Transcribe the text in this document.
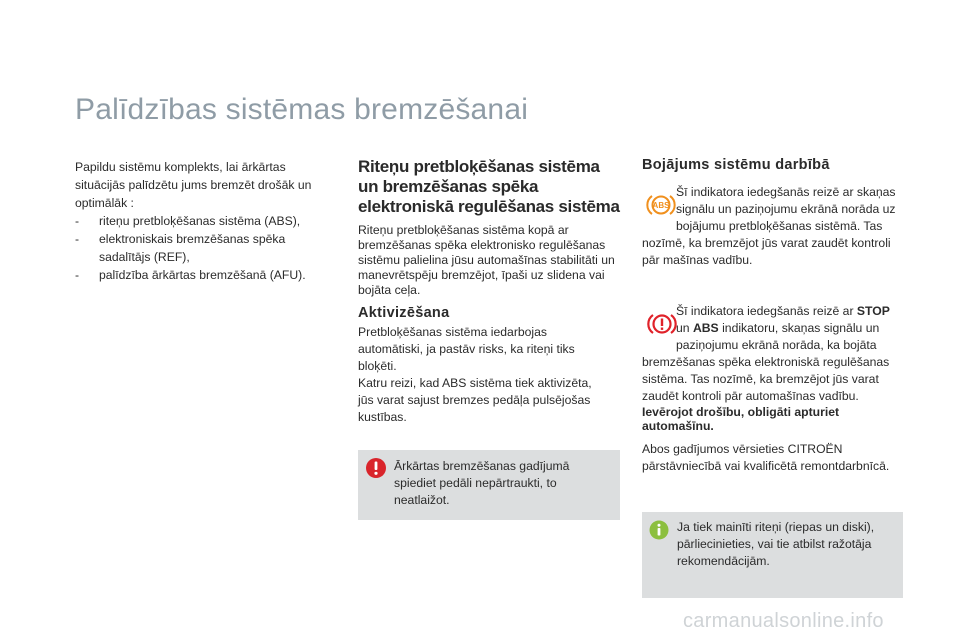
Palīdzības sistēmas bremzēšanai

Papildu sistēmu komplekts, lai ārkārtas situācijās palīdzētu jums bremzēt drošāk un optimālāk :

- riteņu pretbloķēšanas sistēma (ABS),
- elektroniskais bremzēšanas spēka sadalītājs (REF),
- palīdzība ārkārtas bremzēšanā (AFU).
Riteņu pretbloķēšanas sistēma un bremzēšanas spēka elektroniskā regulēšanas sistēma

Riteņu pretbloķēšanas sistēma kopā ar bremzēšanas spēka elektronisko regulēšanas sistēmu palielina jūsu automašīnas stabilitāti un manevrētspēju bremzējot, īpaši uz slidena vai bojāta ceļa.

Aktivizēšana

Pretbloķēšanas sistēma iedarbojas automātiski, ja pastāv risks, ka riteņi tiks bloķēti.

Katru reizi, kad ABS sistēma tiek aktivizēta, jūs varat sajust bremzes pedāļa pulsējošas kustības.

Ārkārtas bremzēšanas gadījumā spiediet pedāli nepārtraukti, to neatlaižot.

Bojājums sistēmu darbībā
ABS

Šī indikatora iedegšanās reizē ar skaņas signālu un paziņojumu ekrānā norāda uz bojājumu pretbloķēšanas sistēmā. Tas nozīmē, ka bremzējot jūs varat zaudēt kontroli pār mašīnas vadību.

Šī indikatora iedegšanās reizē ar STOP un ABS indikatoru, skaņas signālu un paziņojumu ekrānā norāda, ka bojāta bremzēšanas spēka elektroniskā regulēšanas sistēma. Tas nozīmē, ka bremzējot jūs varat zaudēt kontroli pār automašīnas vadību.

Ievērojot drošību, obligāti apturiet automašīnu.

Abos gadījumos vērsieties CITROËN pārstāvniecībā vai kvalificētā remontdarbnīcā.

Ja tiek mainīti riteņi (riepas un diski), pārliecinieties, vai tie atbilst ražotāja rekomendācijām.

carmanualsonline.info
